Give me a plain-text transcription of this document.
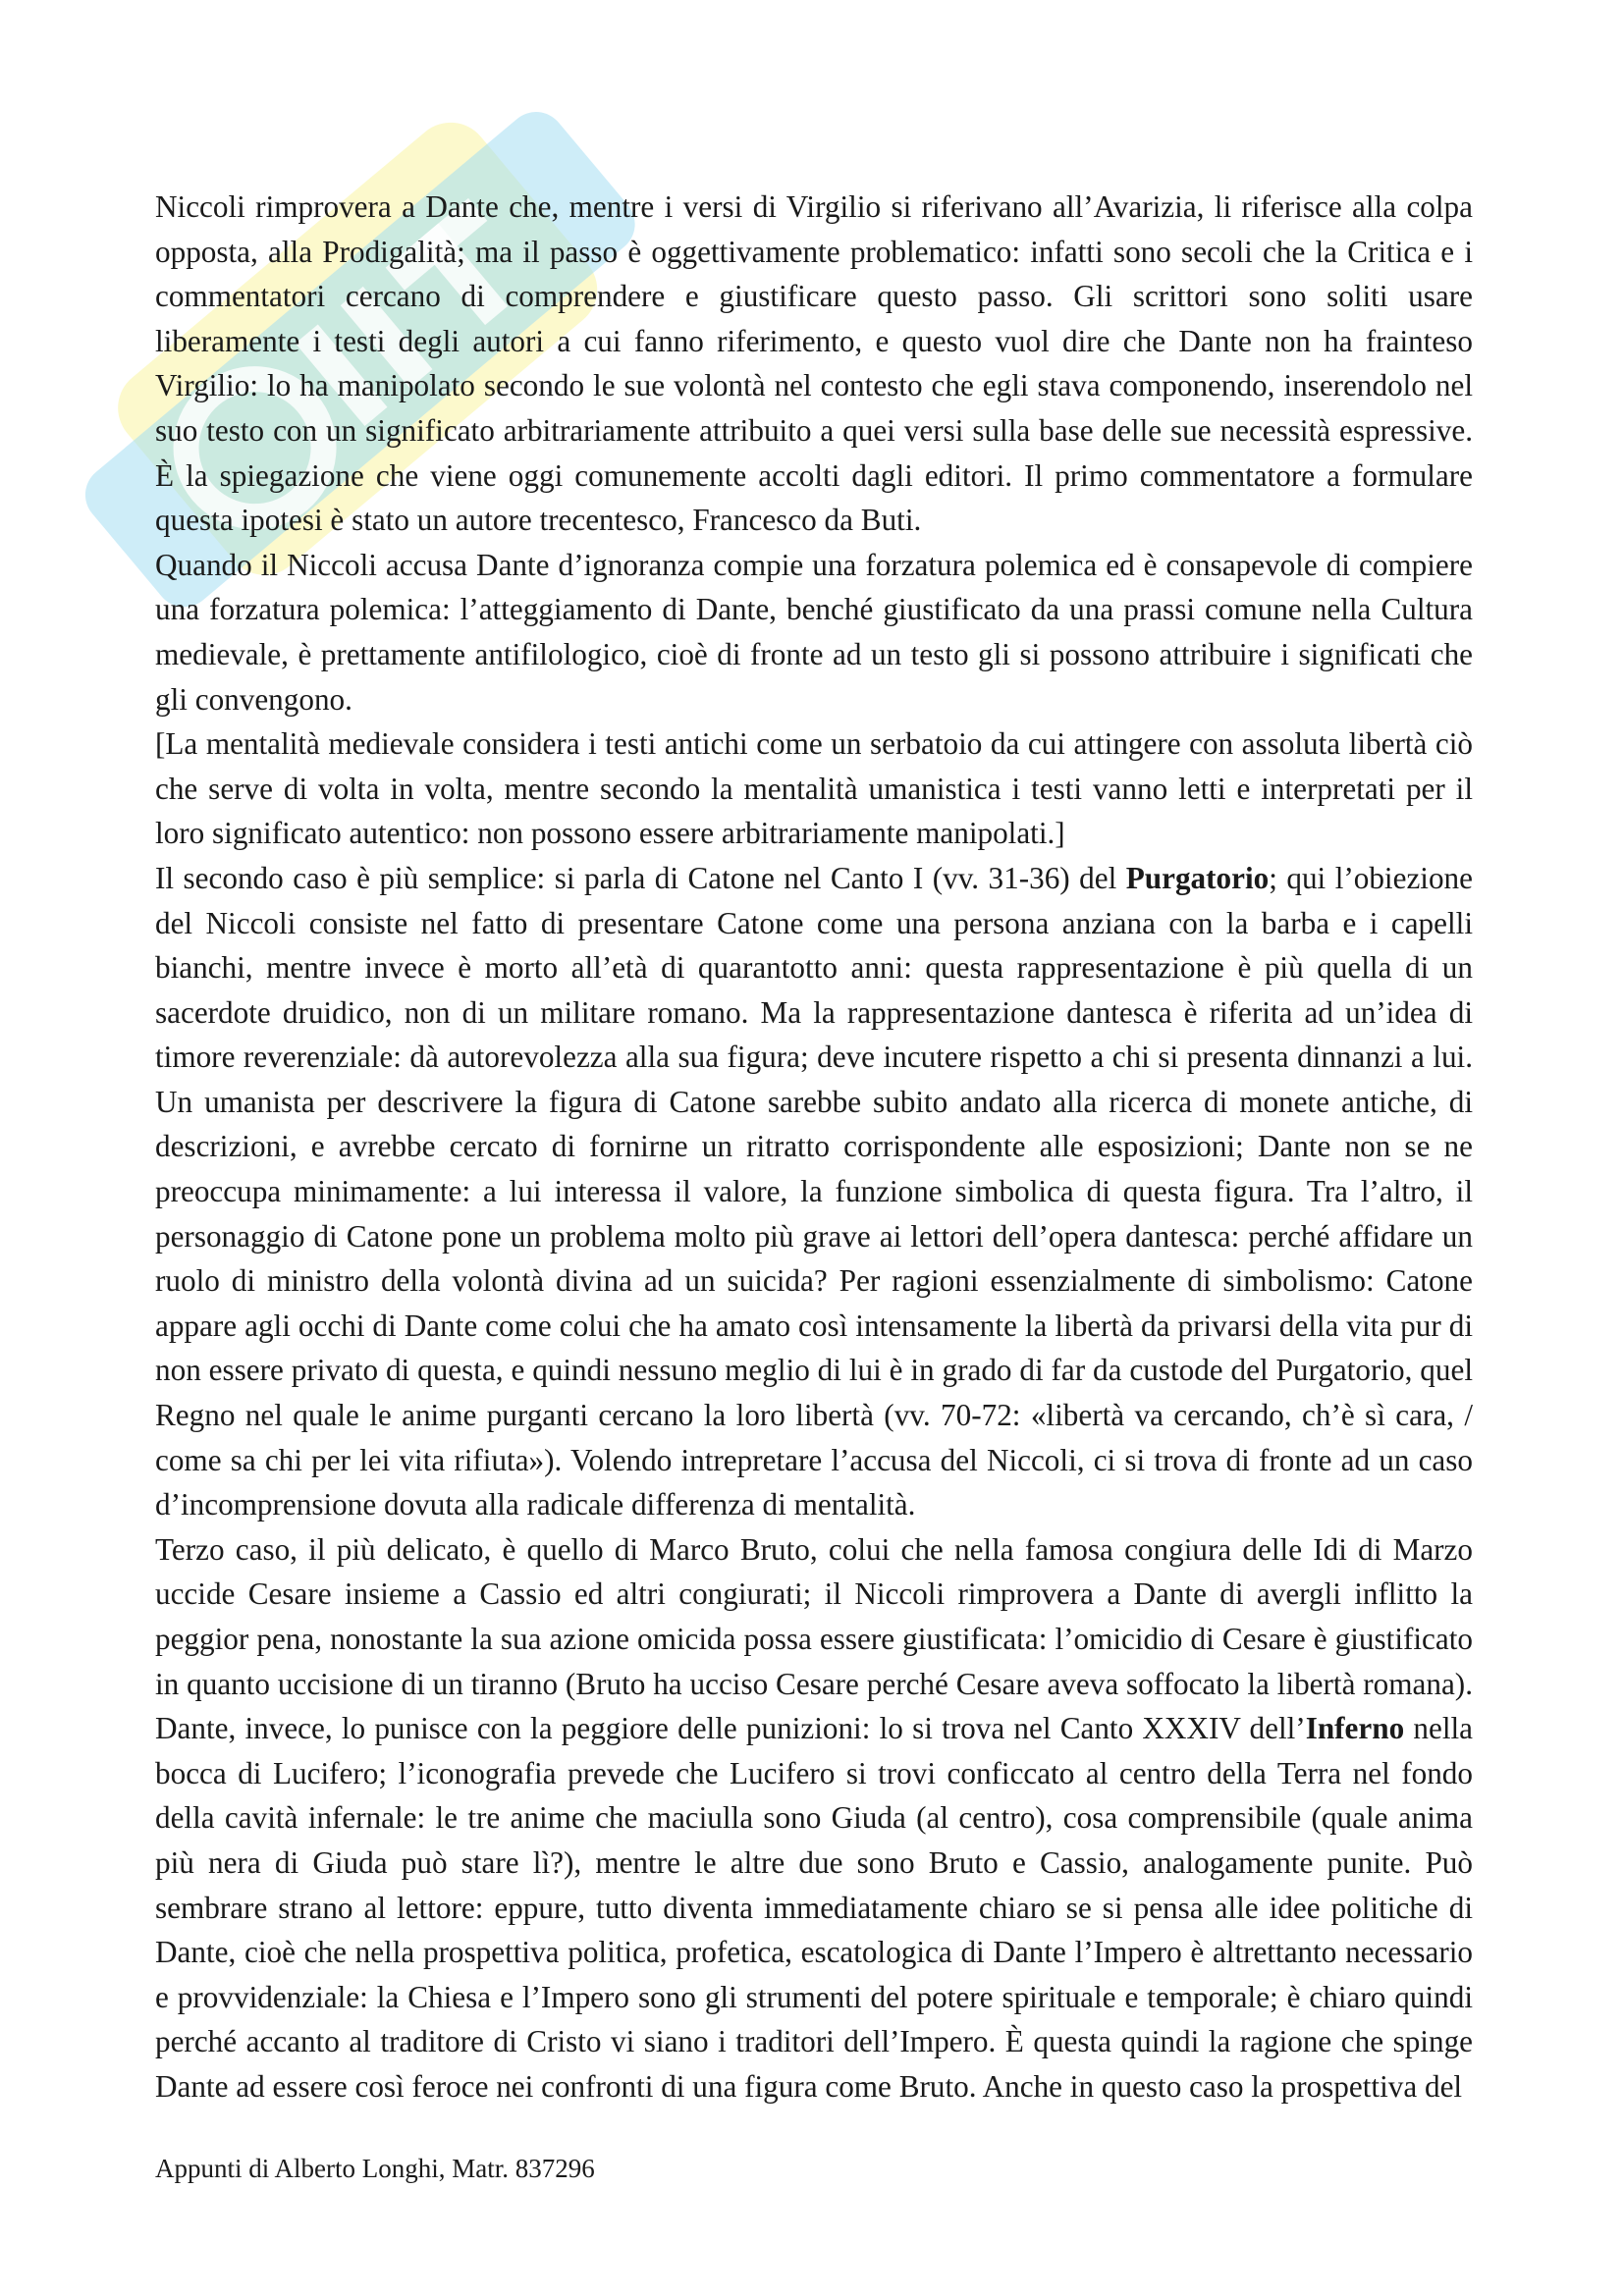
Niccoli rimprovera a Dante che, mentre i versi di Virgilio si riferivano all’Avarizia, li riferisce alla colpa opposta, alla Prodigalità; ma il passo è oggettivamente problematico: infatti sono secoli che la Critica e i commentatori cercano di comprendere e giustificare questo passo. Gli scrittori sono soliti usare liberamente i testi degli autori a cui fanno riferimento, e questo vuol dire che Dante non ha frainteso Virgilio: lo ha manipolato secondo le sue volontà nel contesto che egli stava componendo, inserendolo nel suo testo con un significato arbitrariamente attribuito a quei versi sulla base delle sue necessità espressive. È la spiegazione che viene oggi comunemente accolti dagli editori. Il primo commentatore a formulare questa ipotesi è stato un autore trecentesco, Francesco da Buti.

Quando il Niccoli accusa Dante d’ignoranza compie una forzatura polemica ed è consapevole di compiere una forzatura polemica: l’atteggiamento di Dante, benché giustificato da una prassi comune nella Cultura medievale, è prettamente antifilologico, cioè di fronte ad un testo gli si possono attribuire i significati che gli convengono.

[La mentalità medievale considera i testi antichi come un serbatoio da cui attingere con assoluta libertà ciò che serve di volta in volta, mentre secondo la mentalità umanistica i testi vanno letti e interpretati per il loro significato autentico: non possono essere arbitrariamente manipolati.]

Il secondo caso è più semplice: si parla di Catone nel Canto I (vv. 31-36) del Purgatorio; qui l’obiezione del Niccoli consiste nel fatto di presentare Catone come una persona anziana con la barba e i capelli bianchi, mentre invece è morto all’età di quarantotto anni: questa rappresentazione è più quella di un sacerdote druidico, non di un militare romano. Ma la rappresentazione dantesca è riferita ad un’idea di timore reverenziale: dà autorevolezza alla sua figura; deve incutere rispetto a chi si presenta dinnanzi a lui. Un umanista per descrivere la figura di Catone sarebbe subito andato alla ricerca di monete antiche, di descrizioni, e avrebbe cercato di fornirne un ritratto corrispondente alle esposizioni; Dante non se ne preoccupa minimamente: a lui interessa il valore, la funzione simbolica di questa figura. Tra l’altro, il personaggio di Catone pone un problema molto più grave ai lettori dell’opera dantesca: perché affidare un ruolo di ministro della volontà divina ad un suicida? Per ragioni essenzialmente di simbolismo: Catone appare agli occhi di Dante come colui che ha amato così intensamente la libertà da privarsi della vita pur di non essere privato di questa, e quindi nessuno meglio di lui è in grado di far da custode del Purgatorio, quel Regno nel quale le anime purganti cercano la loro libertà (vv. 70-72: «libertà va cercando, ch’è sì cara, / come sa chi per lei vita rifiuta»). Volendo intrepretare l’accusa del Niccoli, ci si trova di fronte ad un caso d’incomprensione dovuta alla radicale differenza di mentalità.

Terzo caso, il più delicato, è quello di Marco Bruto, colui che nella famosa congiura delle Idi di Marzo uccide Cesare insieme a Cassio ed altri congiurati; il Niccoli rimprovera a Dante di avergli inflitto la peggior pena, nonostante la sua azione omicida possa essere giustificata: l’omicidio di Cesare è giustificato in quanto uccisione di un tiranno (Bruto ha ucciso Cesare perché Cesare aveva soffocato la libertà romana). Dante, invece, lo punisce con la peggiore delle punizioni: lo si trova nel Canto XXXIV dell’Inferno nella bocca di Lucifero; l’iconografia prevede che Lucifero si trovi conficcato al centro della Terra nel fondo della cavità infernale: le tre anime che maciulla sono Giuda (al centro), cosa comprensibile (quale anima più nera di Giuda può stare lì?), mentre le altre due sono Bruto e Cassio, analogamente punite. Può sembrare strano al lettore: eppure, tutto diventa immediatamente chiaro se si pensa alle idee politiche di Dante, cioè che nella prospettiva politica, profetica, escatologica di Dante l’Impero è altrettanto necessario e provvidenziale: la Chiesa e l’Impero sono gli strumenti del potere spirituale e temporale; è chiaro quindi perché accanto al traditore di Cristo vi siano i traditori dell’Impero. È questa quindi la ragione che spinge Dante ad essere così feroce nei confronti di una figura come Bruto. Anche in questo caso la prospettiva del

Appunti di Alberto Longhi, Matr. 837296
